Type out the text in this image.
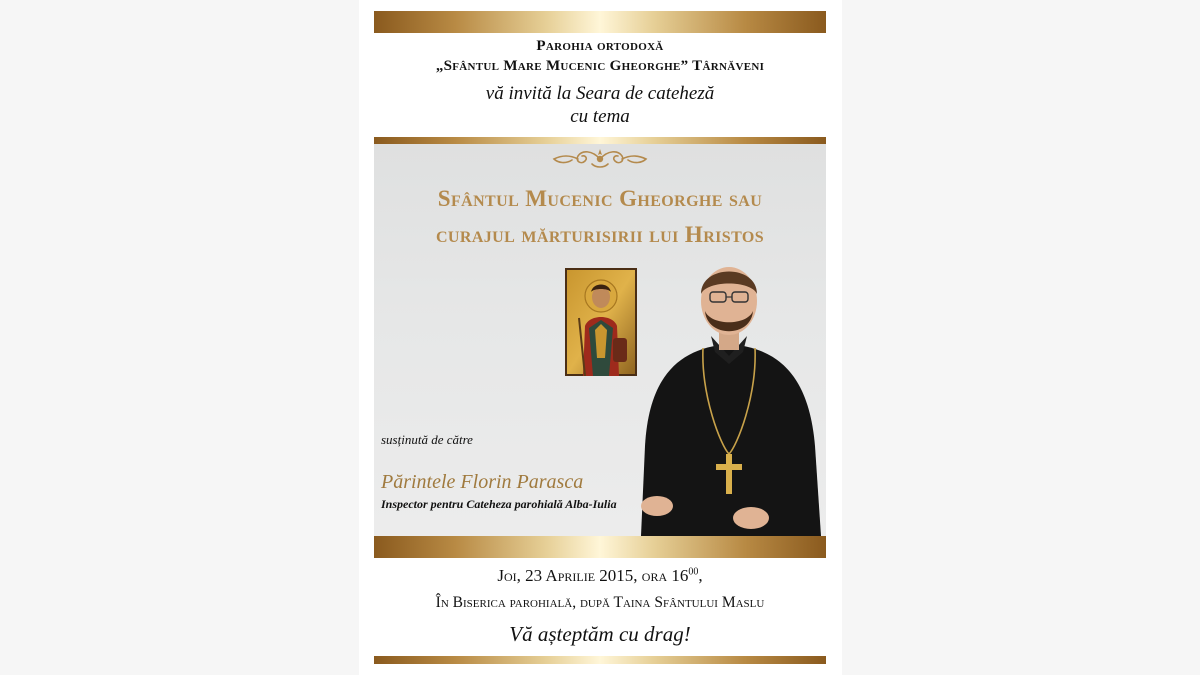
Parohia ortodoxă
„Sfântul Mare Mucenic Gheorghe” Târnăveni
vă invită la Seara de cateheză
cu tema
Sfântul Mucenic Gheorghe sau
curajul mărturisirii lui Hristos
susținută de către
Părintele Florin Parasca
Inspector pentru Cateheza parohială Alba-Iulia
Joi, 23 Aprilie 2015, ora $16^{00}$,
În Biserica parohială, după Taina Sfântului Maslu
Vă așteptăm cu drag!
